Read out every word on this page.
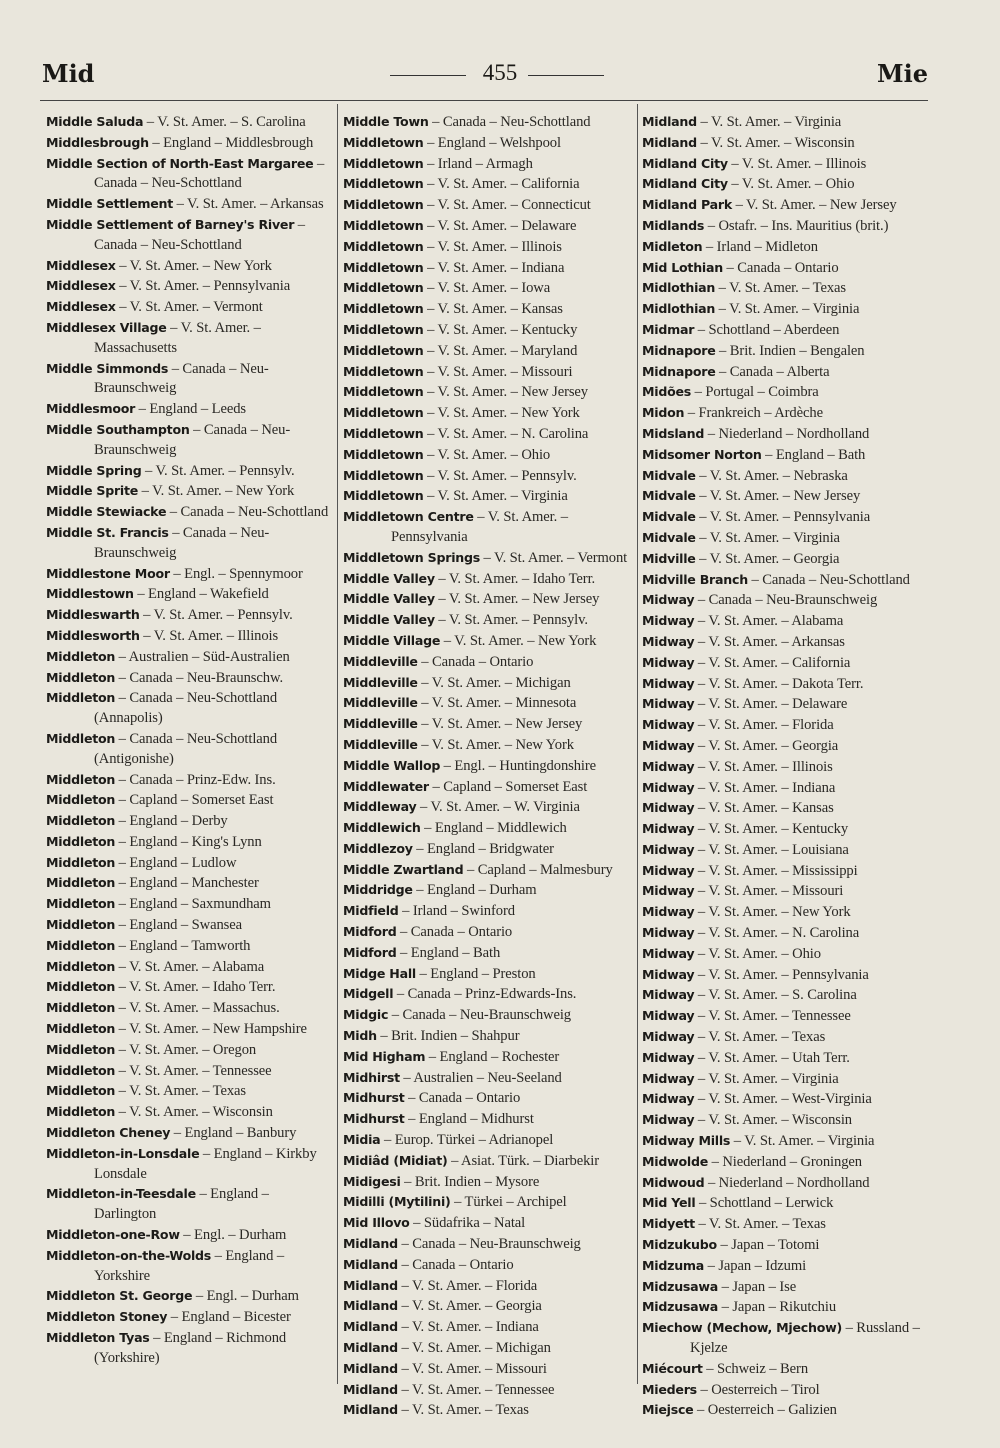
Mid	455	Mie
Middle Saluda – V. St. Amer. – S. Carolina
Middlesbrough – England – Middlesbrough
Middle Section of North-East Margaree – Canada – Neu-Schottland
Middle Settlement – V. St. Amer. – Arkansas
Middle Settlement of Barney's River – Canada – Neu-Schottland
Middlesex – V. St. Amer. – New York
Middlesex – V. St. Amer. – Pennsylvania
Middlesex – V. St. Amer. – Vermont
Middlesex Village – V. St. Amer. – Massachusetts
Middle Simmonds – Canada – Neu-Braunschweig
Middlesmoor – England – Leeds
Middle Southampton – Canada – Neu-Braunschweig
Middle Spring – V. St. Amer. – Pennsylv.
Middle Sprite – V. St. Amer. – New York
Middle Stewiacke – Canada – Neu-Schottland
Middle St. Francis – Canada – Neu-Braunschweig
Middlestone Moor – Engl. – Spennymoor
Middlestown – England – Wakefield
Middleswarth – V. St. Amer. – Pennsylv.
Middlesworth – V. St. Amer. – Illinois
Middleton – Australien – Süd-Australien
Middleton – Canada – Neu-Braunschw.
Middleton – Canada – Neu-Schottland (Annapolis)
Middleton – Canada – Neu-Schottland (Antigonishe)
Middleton – Canada – Prinz-Edw. Ins.
Middleton – Capland – Somerset East
Middleton – England – Derby
Middleton – England – King's Lynn
Middleton – England – Ludlow
Middleton – England – Manchester
Middleton – England – Saxmundham
Middleton – England – Swansea
Middleton – England – Tamworth
Middleton – V. St. Amer. – Alabama
Middleton – V. St. Amer. – Idaho Terr.
Middleton – V. St. Amer. – Massachus.
Middleton – V. St. Amer. – New Hampshire
Middleton – V. St. Amer. – Oregon
Middleton – V. St. Amer. – Tennessee
Middleton – V. St. Amer. – Texas
Middleton – V. St. Amer. – Wisconsin
Middleton Cheney – England – Banbury
Middleton-in-Lonsdale – England – Kirkby Lonsdale
Middleton-in-Teesdale – England – Darlington
Middleton-one-Row – Engl. – Durham
Middleton-on-the-Wolds – England – Yorkshire
Middleton St. George – Engl. – Durham
Middleton Stoney – England – Bicester
Middleton Tyas – England – Richmond (Yorkshire)
Middle Town – Canada – Neu-Schottland
Middletown – England – Welshpool
Middletown – Irland – Armagh
Middletown – V. St. Amer. – California
Middletown – V. St. Amer. – Connecticut
Middletown – V. St. Amer. – Delaware
Middletown – V. St. Amer. – Illinois
Middletown – V. St. Amer. – Indiana
Middletown – V. St. Amer. – Iowa
Middletown – V. St. Amer. – Kansas
Middletown – V. St. Amer. – Kentucky
Middletown – V. St. Amer. – Maryland
Middletown – V. St. Amer. – Missouri
Middletown – V. St. Amer. – New Jersey
Middletown – V. St. Amer. – New York
Middletown – V. St. Amer. – N. Carolina
Middletown – V. St. Amer. – Ohio
Middletown – V. St. Amer. – Pennsylv.
Middletown – V. St. Amer. – Virginia
Middletown Centre – V. St. Amer. – Pennsylvania
Middletown Springs – V. St. Amer. – Vermont
Middle Valley – V. St. Amer. – Idaho Terr.
Middle Valley – V. St. Amer. – New Jersey
Middle Valley – V. St. Amer. – Pennsylv.
Middle Village – V. St. Amer. – New York
Middleville – Canada – Ontario
Middleville – V. St. Amer. – Michigan
Middleville – V. St. Amer. – Minnesota
Middleville – V. St. Amer. – New Jersey
Middleville – V. St. Amer. – New York
Middle Wallop – Engl. – Huntingdonshire
Middlewater – Capland – Somerset East
Middleway – V. St. Amer. – W. Virginia
Middlewich – England – Middlewich
Middlezoy – England – Bridgwater
Middle Zwartland – Capland – Malmesbury
Middridge – England – Durham
Midfield – Irland – Swinford
Midford – Canada – Ontario
Midford – England – Bath
Midge Hall – England – Preston
Midgell – Canada – Prinz-Edwards-Ins.
Midgic – Canada – Neu-Braunschweig
Midh – Brit. Indien – Shahpur
Mid Higham – England – Rochester
Midhirst – Australien – Neu-Seeland
Midhurst – Canada – Ontario
Midhurst – England – Midhurst
Midia – Europ. Türkei – Adrianopel
Midiâd (Midiat) – Asiat. Türk. – Diarbekir
Midigesi – Brit. Indien – Mysore
Midilli (Mytilini) – Türkei – Archipel
Mid Illovo – Südafrika – Natal
Midland – Canada – Neu-Braunschweig
Midland – Canada – Ontario
Midland – V. St. Amer. – Florida
Midland – V. St. Amer. – Georgia
Midland – V. St. Amer. – Indiana
Midland – V. St. Amer. – Michigan
Midland – V. St. Amer. – Missouri
Midland – V. St. Amer. – Tennessee
Midland – V. St. Amer. – Texas
Midland – V. St. Amer. – Virginia
Midland – V. St. Amer. – Wisconsin
Midland City – V. St. Amer. – Illinois
Midland City – V. St. Amer. – Ohio
Midland Park – V. St. Amer. – New Jersey
Midlands – Ostafr. – Ins. Mauritius (brit.)
Midleton – Irland – Midleton
Mid Lothian – Canada – Ontario
Midlothian – V. St. Amer. – Texas
Midlothian – V. St. Amer. – Virginia
Midmar – Schottland – Aberdeen
Midnapore – Brit. Indien – Bengalen
Midnapore – Canada – Alberta
Midões – Portugal – Coimbra
Midon – Frankreich – Ardèche
Midsland – Niederland – Nordholland
Midsomer Norton – England – Bath
Midvale – V. St. Amer. – Nebraska
Midvale – V. St. Amer. – New Jersey
Midvale – V. St. Amer. – Pennsylvania
Midvale – V. St. Amer. – Virginia
Midville – V. St. Amer. – Georgia
Midville Branch – Canada – Neu-Schottland
Midway – Canada – Neu-Braunschweig
Midway – V. St. Amer. – Alabama
Midway – V. St. Amer. – Arkansas
Midway – V. St. Amer. – California
Midway – V. St. Amer. – Dakota Terr.
Midway – V. St. Amer. – Delaware
Midway – V. St. Amer. – Florida
Midway – V. St. Amer. – Georgia
Midway – V. St. Amer. – Illinois
Midway – V. St. Amer. – Indiana
Midway – V. St. Amer. – Kansas
Midway – V. St. Amer. – Kentucky
Midway – V. St. Amer. – Louisiana
Midway – V. St. Amer. – Mississippi
Midway – V. St. Amer. – Missouri
Midway – V. St. Amer. – New York
Midway – V. St. Amer. – N. Carolina
Midway – V. St. Amer. – Ohio
Midway – V. St. Amer. – Pennsylvania
Midway – V. St. Amer. – S. Carolina
Midway – V. St. Amer. – Tennessee
Midway – V. St. Amer. – Texas
Midway – V. St. Amer. – Utah Terr.
Midway – V. St. Amer. – Virginia
Midway – V. St. Amer. – West-Virginia
Midway – V. St. Amer. – Wisconsin
Midway Mills – V. St. Amer. – Virginia
Midwolde – Niederland – Groningen
Midwoud – Niederland – Nordholland
Mid Yell – Schottland – Lerwick
Midyett – V. St. Amer. – Texas
Midzukubo – Japan – Totomi
Midzuma – Japan – Idzumi
Midzusawa – Japan – Ise
Midzusawa – Japan – Rikutchiu
Miechow (Mechow, Mjechow) – Russland – Kjelze
Miécourt – Schweiz – Bern
Mieders – Oesterreich – Tirol
Miejsce – Oesterreich – Galizien
